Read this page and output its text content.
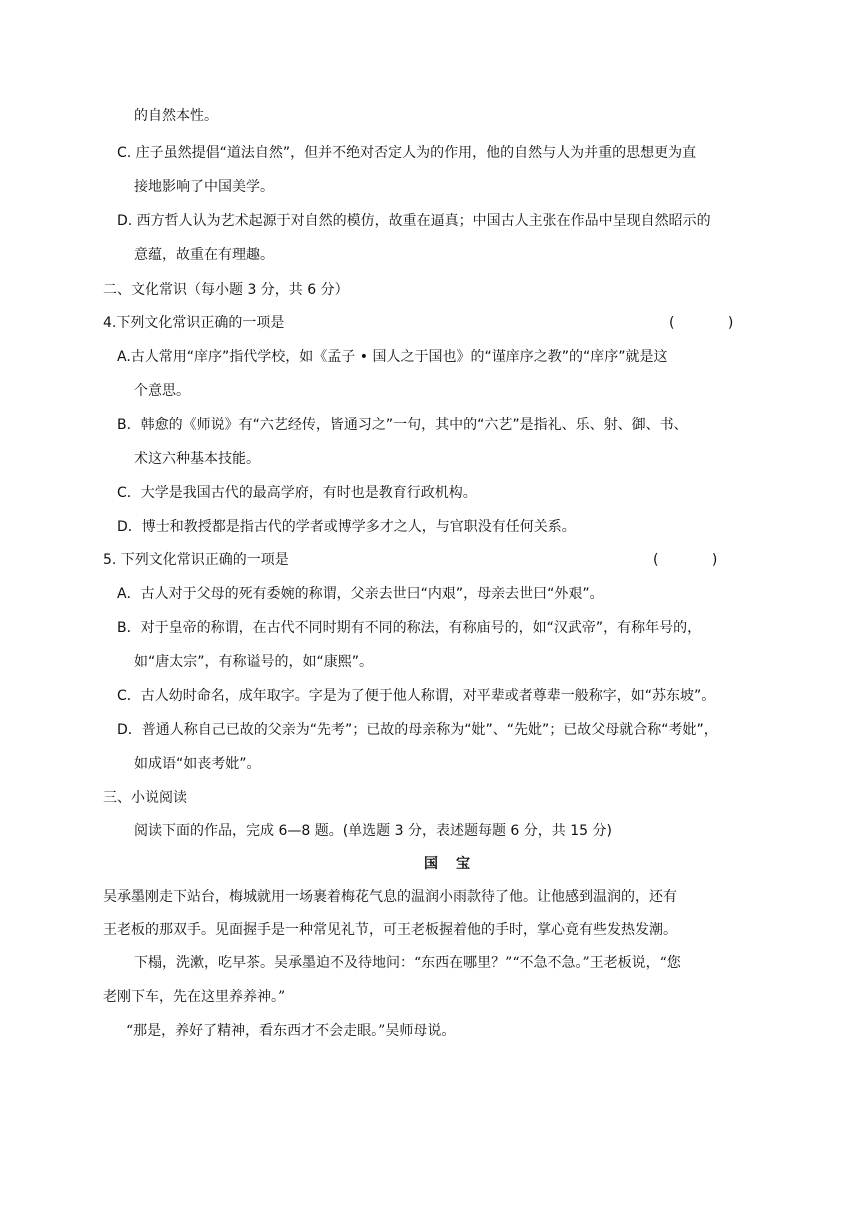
的自然本性。
C. 庄子虽然提倡“道法自然”，但并不绝对否定人为的作用，他的自然与人为并重的思想更为直
接地影响了中国美学。
D. 西方哲人认为艺术起源于对自然的模仿，故重在逼真；中国古人主张在作品中呈现自然昭示的
意蕴，故重在有理趣。
二、文化常识（每小题 3 分，共 6 分）
4.下列文化常识正确的一项是	(            )
A.古人常用“庠序”指代学校，如《孟子 • 国人之于国也》的“谨庠序之教”的“庠序”就是这
个意思。
B．韩愈的《师说》有“六艺经传，皆通习之”一句，其中的“六艺”是指礼、乐、射、御、书、
术这六种基本技能。
C．大学是我国古代的最高学府，有时也是教育行政机构。
D．博士和教授都是指古代的学者或博学多才之人，与官职没有任何关系。
5. 下列文化常识正确的一项是	(            )
A．古人对于父母的死有委婉的称谓，父亲去世曰“内艰”，母亲去世曰“外艰”。
B．对于皇帝的称谓，在古代不同时期有不同的称法，有称庙号的，如“汉武帝”，有称年号的，
如“唐太宗”，有称谥号的，如“康熙”。
C．古人幼时命名，成年取字。字是为了便于他人称谓，对平辈或者尊辈一般称字，如“苏东坡”。
D．普通人称自己已故的父亲为“先考”；已故的母亲称为“妣”、“先妣”；已故父母就合称“考妣”，
如成语“如丧考妣”。
三、小说阅读
阅读下面的作品，完成 6—8 题。(单选题 3 分，表述题每题 6 分，共 15 分)
国宝
吴承墨刚走下站台，梅城就用一场裹着梅花气息的温润小雨款待了他。让他感到温润的，还有
王老板的那双手。见面握手是一种常见礼节，可王老板握着他的手时，掌心竟有些发热发潮。
下榻，洗漱，吃早茶。吴承墨迫不及待地问：“东西在哪里？”“不急不急。”王老板说，“您
老刚下车，先在这里养养神。”
“那是，养好了精神，看东西才不会走眼。”吴师母说。
